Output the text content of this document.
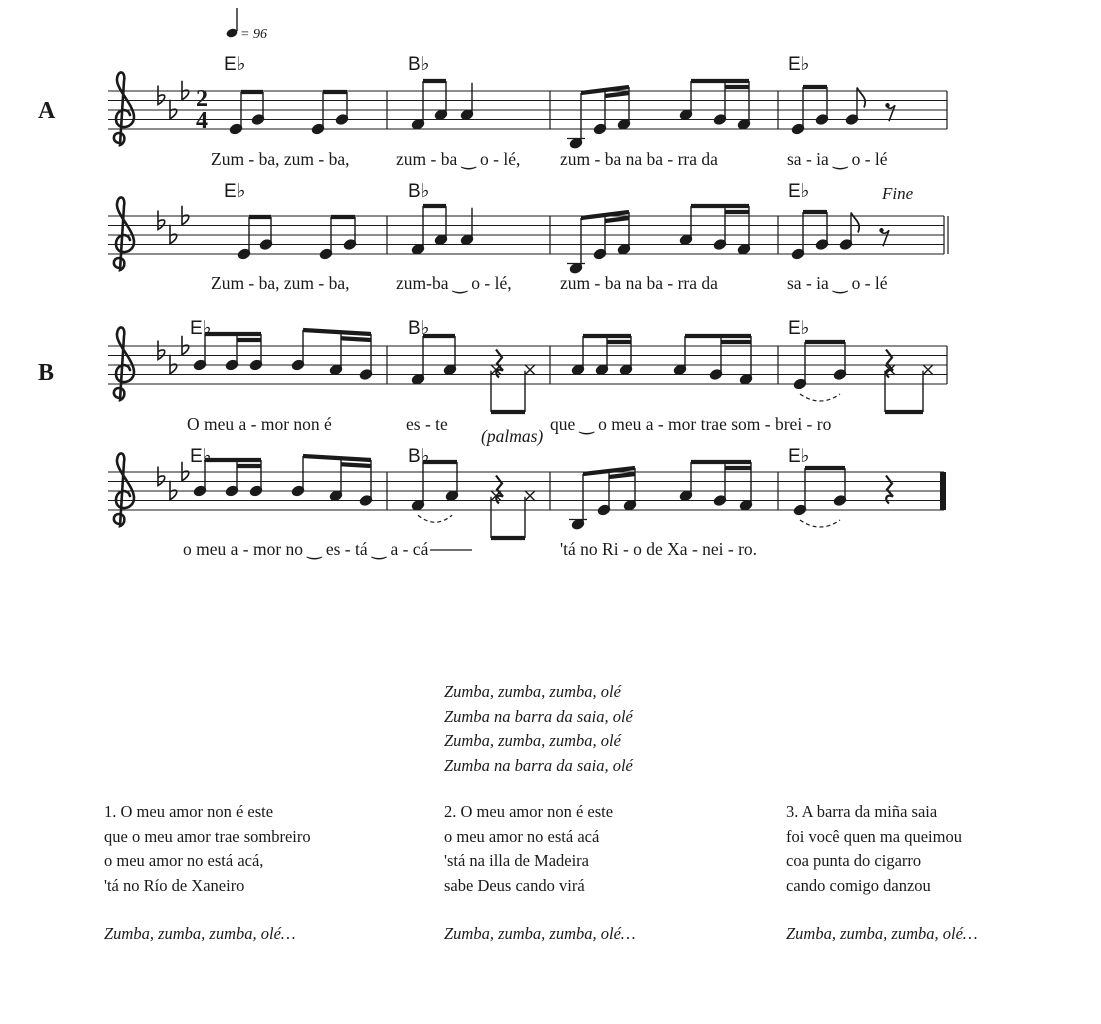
= 96
2
4
A
B
E♭	B♭	E♭
E♭	B♭	E♭
E♭	B♭	E♭
E♭	B♭	E♭
Fine
Zum - ba, zum - ba,	zum - ba ‿ o - lé, zum - ba na ba - rra da	sa - ia ‿ o - lé
Zum - ba, zum - ba,	zum-ba ‿ o - lé,	zum - ba na ba - rra da	sa - ia ‿ o - lé
O meu a - mor non é	es - te
(palmas)
que ‿ o meu a - mor trae som - brei - ro
o meu a - mor no ‿ es - tá ‿ a - cá	'tá no Ri - o de Xa - nei - ro.
Zumba, zumba, zumba, olé
Zumba na barra da saia, olé
Zumba, zumba, zumba, olé
Zumba na barra da saia, olé
1. O meu amor non é este
que o meu amor trae sombreiro
o meu amor no está acá,
'tá no Río de Xaneiro
Zumba, zumba, zumba, olé…
2. O meu amor non é este
o meu amor no está acá
'stá na illa de Madeira
sabe Deus cando virá
Zumba, zumba, zumba, olé…
3. A barra da miña saia
foi você quen ma queimou
coa punta do cigarro
cando comigo danzou
Zumba, zumba, zumba, olé…
